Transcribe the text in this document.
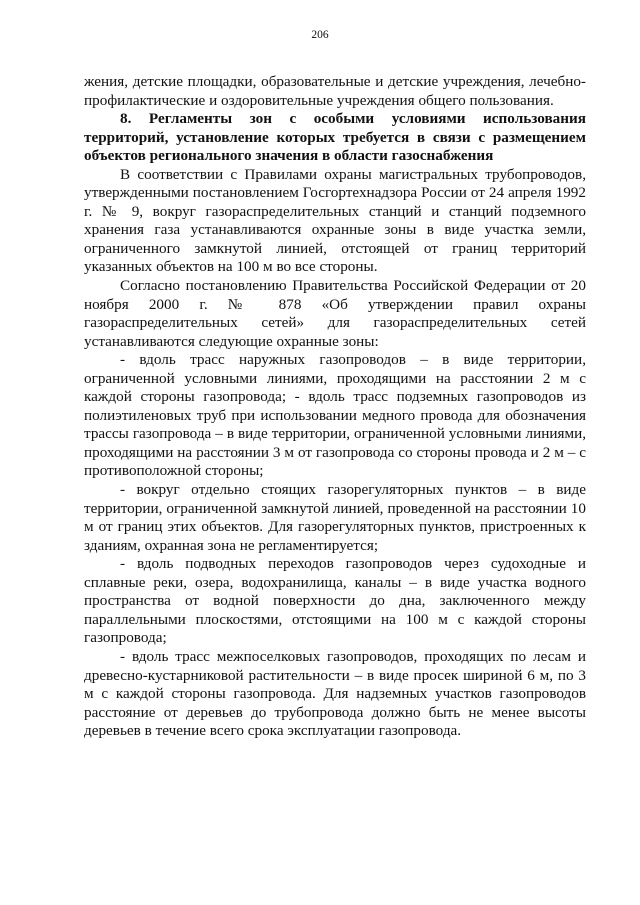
206

жения, детские площадки, образовательные и детские учреждения, лечебно-профилактические и оздоровительные учреждения общего пользования.

8. Регламенты зон с особыми условиями использования территорий, установление которых требуется в связи с размещением объектов регионального значения в области газоснабжения

В соответствии с Правилами охраны магистральных трубопроводов, утвержденными постановлением Госгортехнадзора России от 24 апреля 1992 г. № 9, вокруг газораспределительных станций и станций подземного хранения газа устанавливаются охранные зоны в виде участка земли, ограниченного замкнутой линией, отстоящей от границ территорий указанных объектов на 100 м во все стороны.

Согласно постановлению Правительства Российской Федерации от 20 ноября 2000 г. № 878 «Об утверждении правил охраны газораспределительных сетей» для газораспределительных сетей устанавливаются следующие охранные зоны:

- вдоль трасс наружных газопроводов – в виде территории, ограниченной условными линиями, проходящими на расстоянии 2 м с каждой стороны газопровода; - вдоль трасс подземных газопроводов из полиэтиленовых труб при использовании медного провода для обозначения трассы газопровода – в виде территории, ограниченной условными линиями, проходящими на расстоянии 3 м от газопровода со стороны провода и 2 м – с противоположной стороны;

- вокруг отдельно стоящих газорегуляторных пунктов – в виде территории, ограниченной замкнутой линией, проведенной на расстоянии 10 м от границ этих объектов. Для газорегуляторных пунктов, пристроенных к зданиям, охранная зона не регламентируется;

- вдоль подводных переходов газопроводов через судоходные и сплавные реки, озера, водохранилища, каналы – в виде участка водного пространства от водной поверхности до дна, заключенного между параллельными плоскостями, отстоящими на 100 м с каждой стороны газопровода;

- вдоль трасс межпоселковых газопроводов, проходящих по лесам и древесно-кустарниковой растительности – в виде просек шириной 6 м, по 3 м с каждой стороны газопровода. Для надземных участков газопроводов расстояние от деревьев до трубопровода должно быть не менее высоты деревьев в течение всего срока эксплуатации газопровода.
